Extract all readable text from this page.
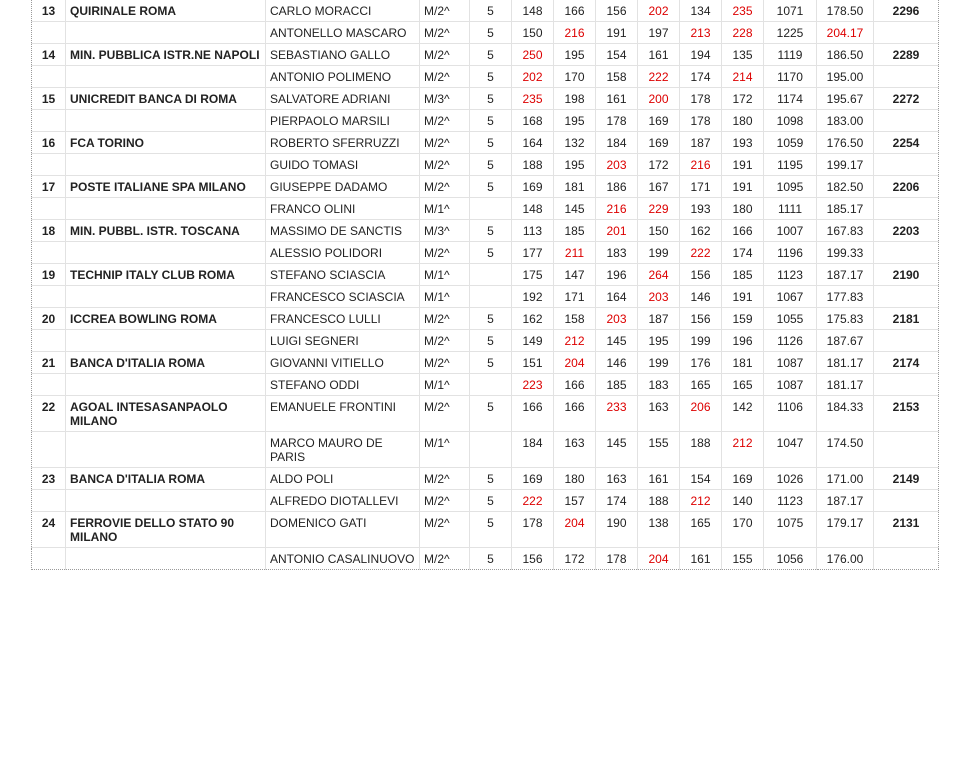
13	QUIRINALE ROMA	CARLO MORACCI	M/2^	5	148	166	156	202	134	235	1071	178.50	2296
		ANTONELLO MASCARO	M/2^	5	150	216	191	197	213	228	1225	204.17	
14	MIN. PUBBLICA ISTR.NE NAPOLI	SEBASTIANO GALLO	M/2^	5	250	195	154	161	194	135	1119	186.50	2289
		ANTONIO POLIMENO	M/2^	5	202	170	158	222	174	214	1170	195.00	
15	UNICREDIT BANCA DI ROMA	SALVATORE ADRIANI	M/3^	5	235	198	161	200	178	172	1174	195.67	2272
		PIERPAOLO MARSILI	M/2^	5	168	195	178	169	178	180	1098	183.00	
16	FCA TORINO	ROBERTO SFERRUZZI	M/2^	5	164	132	184	169	187	193	1059	176.50	2254
		GUIDO TOMASI	M/2^	5	188	195	203	172	216	191	1195	199.17	
17	POSTE ITALIANE SPA MILANO	GIUSEPPE DADAMO	M/2^	5	169	181	186	167	171	191	1095	182.50	2206
		FRANCO OLINI	M/1^		148	145	216	229	193	180	1111	185.17	
18	MIN. PUBBL. ISTR. TOSCANA	MASSIMO DE SANCTIS	M/3^	5	113	185	201	150	162	166	1007	167.83	2203
		ALESSIO POLIDORI	M/2^	5	177	211	183	199	222	174	1196	199.33	
19	TECHNIP ITALY CLUB ROMA	STEFANO SCIASCIA	M/1^		175	147	196	264	156	185	1123	187.17	2190
		FRANCESCO SCIASCIA	M/1^		192	171	164	203	146	191	1067	177.83	
20	ICCREA BOWLING ROMA	FRANCESCO LULLI	M/2^	5	162	158	203	187	156	159	1055	175.83	2181
		LUIGI SEGNERI	M/2^	5	149	212	145	195	199	196	1126	187.67	
21	BANCA D'ITALIA ROMA	GIOVANNI VITIELLO	M/2^	5	151	204	146	199	176	181	1087	181.17	2174
		STEFANO ODDI	M/1^		223	166	185	183	165	165	1087	181.17	
22	AGOAL INTESASANPAOLO MILANO	EMANUELE FRONTINI	M/2^	5	166	166	233	163	206	142	1106	184.33	2153
		MARCO MAURO DE PARIS	M/1^		184	163	145	155	188	212	1047	174.50	
23	BANCA D'ITALIA ROMA	ALDO POLI	M/2^	5	169	180	163	161	154	169	1026	171.00	2149
		ALFREDO DIOTALLEVI	M/2^	5	222	157	174	188	212	140	1123	187.17	
24	FERROVIE DELLO STATO 90 MILANO	DOMENICO GATI	M/2^	5	178	204	190	138	165	170	1075	179.17	2131
		ANTONIO CASALINUOVO	M/2^	5	156	172	178	204	161	155	1056	176.00	
